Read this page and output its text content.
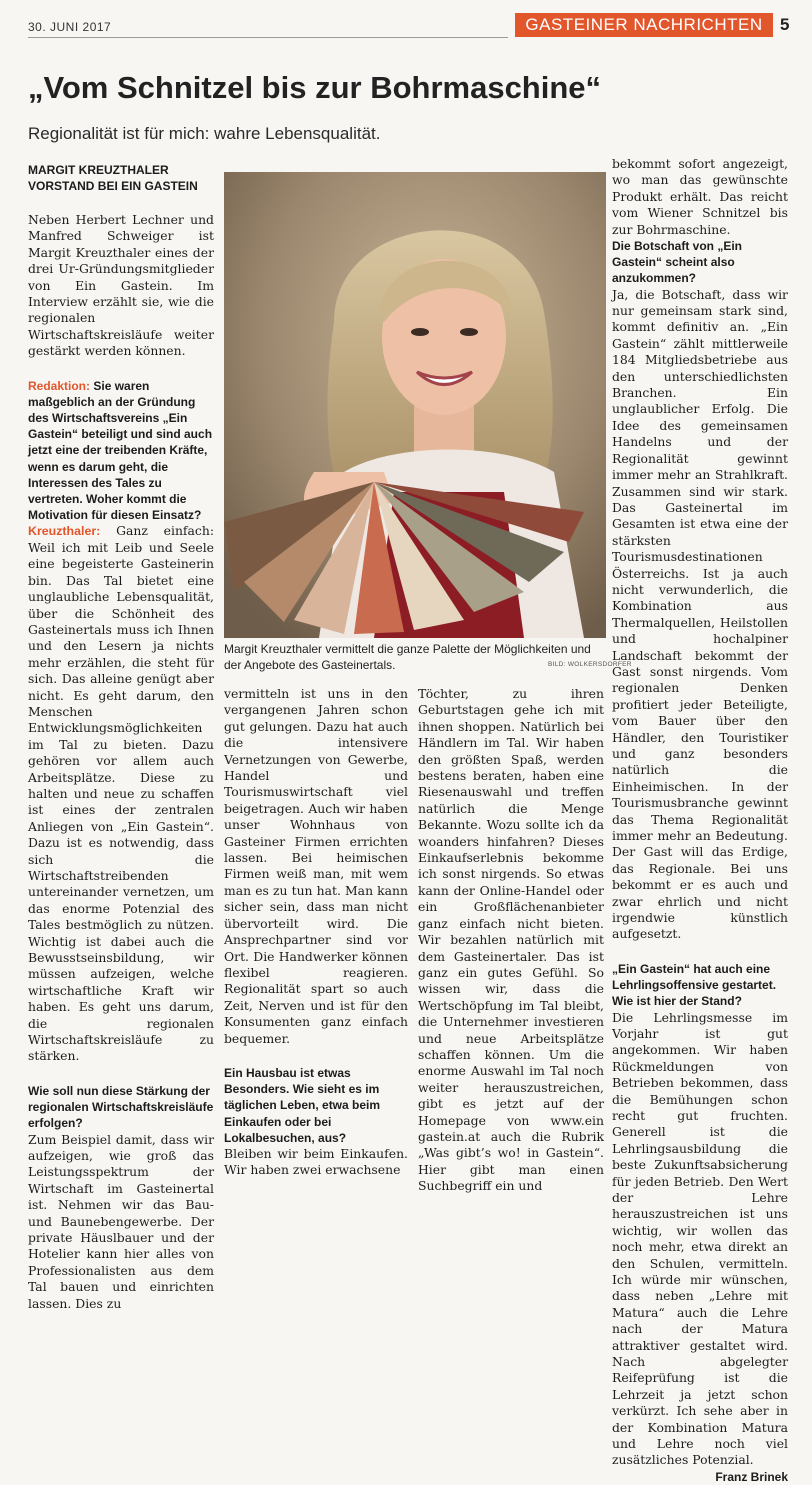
30. JUNI 2017	GASTEINER NACHRICHTEN	5
„Vom Schnitzel bis zur Bohrmaschine“
Regionalität ist für mich: wahre Lebensqualität.
MARGIT KREUZTHALER
VORSTAND BEI EIN GASTEIN

Neben Herbert Lechner und Manfred Schweiger ist Margit Kreuzthaler eines der drei Ur-Gründungsmitglieder von Ein Gastein. Im Interview erzählt sie, wie die regionalen Wirtschaftskreisläufe weiter gestärkt werden können.

Redaktion: Sie waren maßgeblich an der Gründung des Wirtschaftsvereins „Ein Gastein“ beteiligt und sind auch jetzt eine der treibenden Kräfte, wenn es darum geht, die Interessen des Tales zu vertreten. Woher kommt die Motivation für diesen Einsatz?

Kreuzthaler: Ganz einfach: Weil ich mit Leib und Seele eine begeisterte Gasteinerin bin. Das Tal bietet eine unglaubliche Lebensqualität, über die Schönheit des Gasteinertals muss ich Ihnen und den Lesern ja nichts mehr erzählen, die steht für sich. Das alleine genügt aber nicht. Es geht darum, den Menschen Entwicklungsmöglichkeiten im Tal zu bieten. Dazu gehören vor allem auch Arbeitsplätze. Diese zu halten und neue zu schaffen ist eines der zentralen Anliegen von „Ein Gastein“. Dazu ist es notwendig, dass sich die Wirtschaftstreibenden untereinander vernetzen, um das enorme Potenzial des Tales bestmöglich zu nützen. Wichtig ist dabei auch die Bewusstseinsbildung, wir müssen aufzeigen, welche wirtschaftliche Kraft wir haben. Es geht uns darum, die regionalen Wirtschaftskreisläufe zu stärken.

Wie soll nun diese Stärkung der regionalen Wirtschaftskreisläufe erfolgen?

Zum Beispiel damit, dass wir aufzeigen, wie groß das Leistungsspektrum der Wirtschaft im Gasteinertal ist. Nehmen wir das Bau- und Baunebengewerbe. Der private Häuslbauer und der Hotelier kann hier alles von Professionalisten aus dem Tal bauen und einrichten lassen. Dies zu

Margit Kreuzthaler vermittelt die ganze Palette der Möglichkeiten und der Angebote des Gasteinertals.	BILD: WOLKERSDORFER

vermitteln ist uns in den vergangenen Jahren schon gut gelungen. Dazu hat auch die intensivere Vernetzungen von Gewerbe, Handel und Tourismuswirtschaft viel beigetragen. Auch wir haben unser Wohnhaus von Gasteiner Firmen errichten lassen. Bei heimischen Firmen weiß man, mit wem man es zu tun hat. Man kann sicher sein, dass man nicht übervorteilt wird. Die Ansprechpartner sind vor Ort. Die Handwerker können flexibel reagieren. Regionalität spart so auch Zeit, Nerven und ist für den Konsumenten ganz einfach bequemer.

Ein Hausbau ist etwas Besonders. Wie sieht es im täglichen Leben, etwa beim Einkaufen oder bei Lokalbesuchen, aus?

Bleiben wir beim Einkaufen. Wir haben zwei erwachsene

Töchter, zu ihren Geburtstagen gehe ich mit ihnen shoppen. Natürlich bei Händlern im Tal. Wir haben den größten Spaß, werden bestens beraten, haben eine Riesenauswahl und treffen natürlich die Menge Bekannte. Wozu sollte ich da woanders hinfahren? Dieses Einkaufserlebnis bekomme ich sonst nirgends. So etwas kann der Online-Handel oder ein Großflächenanbieter ganz einfach nicht bieten. Wir bezahlen natürlich mit dem Gasteinertaler. Das ist ganz ein gutes Gefühl. So wissen wir, dass die Wertschöpfung im Tal bleibt, die Unternehmer investieren und neue Arbeitsplätze schaffen können. Um die enorme Auswahl im Tal noch weiter herauszustreichen, gibt es jetzt auf der Homepage von www.ein gastein.at auch die Rubrik „Was gibt’s wo! in Gastein“. Hier gibt man einen Suchbegriff ein und

bekommt sofort angezeigt, wo man das gewünschte Produkt erhält. Das reicht vom Wiener Schnitzel bis zur Bohrmaschine.

Die Botschaft von „Ein Gastein“ scheint also anzukommen?

Ja, die Botschaft, dass wir nur gemeinsam stark sind, kommt definitiv an. „Ein Gastein“ zählt mittlerweile 184 Mitgliedsbetriebe aus den unterschiedlichsten Branchen. Ein unglaublicher Erfolg. Die Idee des gemeinsamen Handelns und der Regionalität gewinnt immer mehr an Strahlkraft. Zusammen sind wir stark. Das Gasteinertal im Gesamten ist etwa eine der stärksten Tourismusdestinationen Österreichs. Ist ja auch nicht verwunderlich, die Kombination aus Thermalquellen, Heilstollen und hochalpiner Landschaft bekommt der Gast sonst nirgends. Vom regionalen Denken profitiert jeder Beteiligte, vom Bauer über den Händler, den Touristiker und ganz besonders natürlich die Einheimischen. In der Tourismusbranche gewinnt das Thema Regionalität immer mehr an Bedeutung. Der Gast will das Erdige, das Regionale. Bei uns bekommt er es auch und zwar ehrlich und nicht irgendwie künstlich aufgesetzt.

„Ein Gastein“ hat auch eine Lehrlingsoffensive gestartet. Wie ist hier der Stand?

Die Lehrlingsmesse im Vorjahr ist gut angekommen. Wir haben Rückmeldungen von Betrieben bekommen, dass die Bemühungen schon recht gut fruchten. Generell ist die Lehrlingsausbildung die beste Zukunftsabsicherung für jeden Betrieb. Den Wert der Lehre herauszustreichen ist uns wichtig, wir wollen das noch mehr, etwa direkt an den Schulen, vermitteln. Ich würde mir wünschen, dass neben „Lehre mit Matura“ auch die Lehre nach der Matura attraktiver gestaltet wird. Nach abgelegter Reifeprüfung ist die Lehrzeit ja jetzt schon verkürzt. Ich sehe aber in der Kombination Matura und Lehre noch viel zusätzliches Potenzial.

Franz Brinek
